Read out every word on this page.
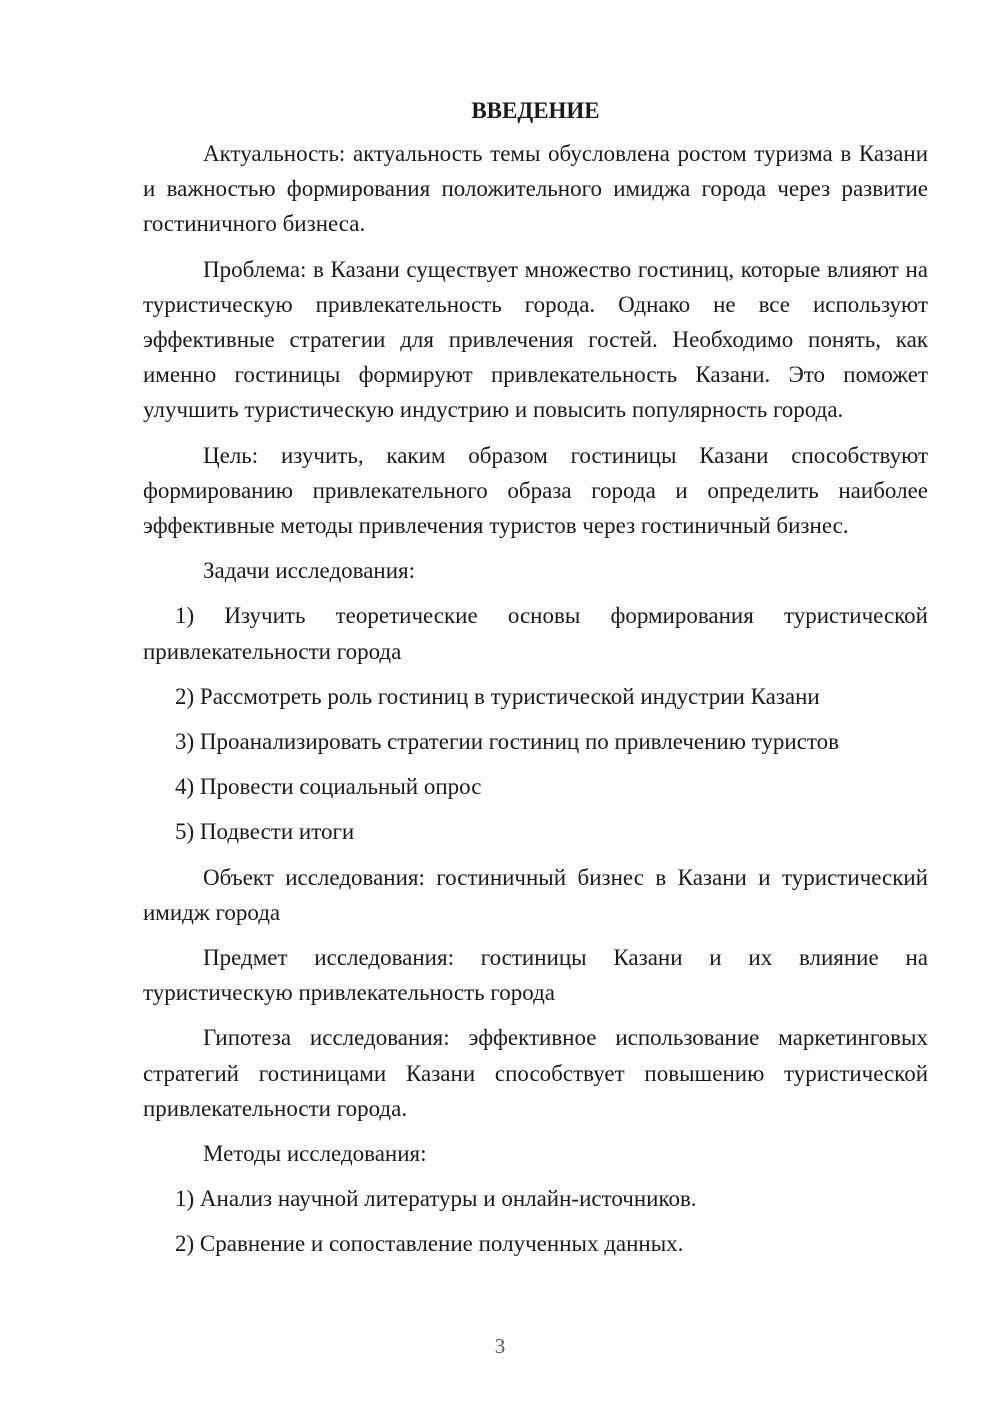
ВВЕДЕНИЕ
Актуальность: актуальность темы обусловлена ростом туризма в Казани и важностью формирования положительного имиджа города через развитие гостиничного бизнеса.
Проблема: в Казани существует множество гостиниц, которые влияют на туристическую привлекательность города. Однако не все используют эффективные стратегии для привлечения гостей. Необходимо понять, как именно гостиницы формируют привлекательность Казани. Это поможет улучшить туристическую индустрию и повысить популярность города.
Цель: изучить, каким образом гостиницы Казани способствуют формированию привлекательного образа города и определить наиболее эффективные методы привлечения туристов через гостиничный бизнес.
Задачи исследования:
1) Изучить теоретические основы формирования туристической привлекательности города
2) Рассмотреть роль гостиниц в туристической индустрии Казани
3) Проанализировать стратегии гостиниц по привлечению туристов
4) Провести социальный опрос
5) Подвести итоги
Объект исследования: гостиничный бизнес в Казани и туристический имидж города
Предмет исследования: гостиницы Казани и их влияние на туристическую привлекательность города
Гипотеза исследования: эффективное использование маркетинговых стратегий гостиницами Казани способствует повышению туристической привлекательности города.
Методы исследования:
1) Анализ научной литературы и онлайн-источников.
2) Сравнение и сопоставление полученных данных.
3
